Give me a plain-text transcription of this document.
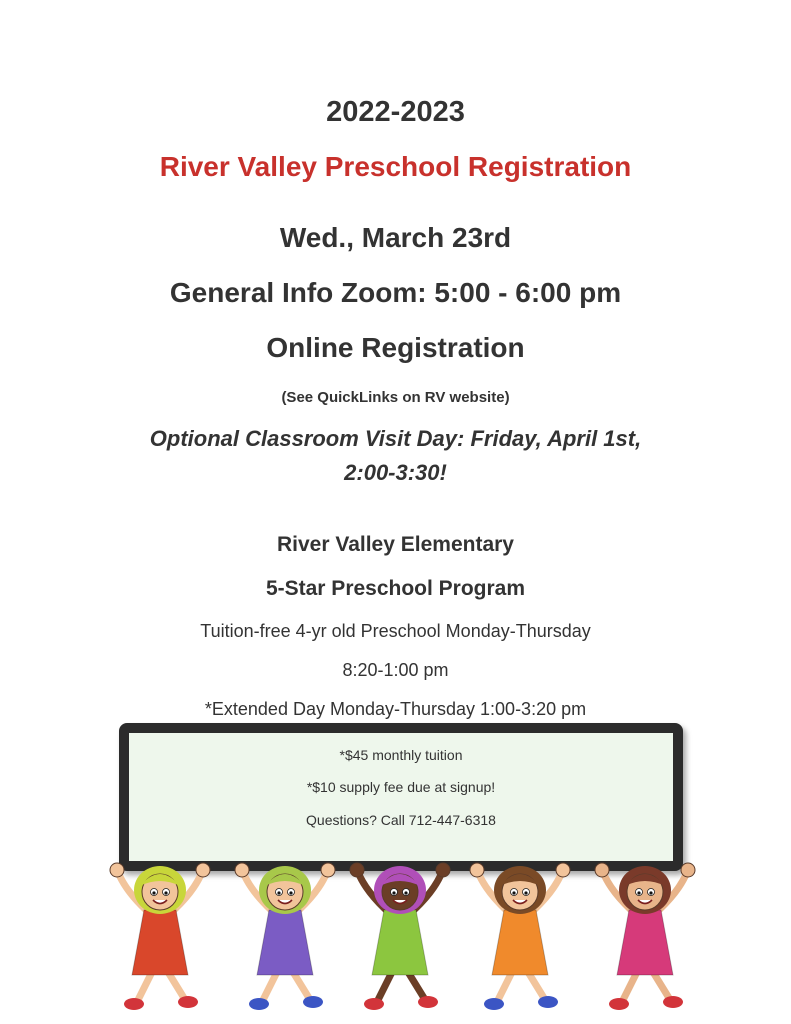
2022-2023
River Valley Preschool Registration
Wed., March 23rd
General Info Zoom: 5:00 - 6:00 pm
Online Registration
(See QuickLinks on RV website)
Optional Classroom Visit Day: Friday, April 1st,
2:00-3:30!
River Valley Elementary
5-Star Preschool Program
Tuition-free 4-yr old Preschool Monday-Thursday
8:20-1:00 pm
*Extended Day Monday-Thursday 1:00-3:20 pm
*$45 monthly tuition
*$10 supply fee due at signup!
Questions? Call 712-447-6318
